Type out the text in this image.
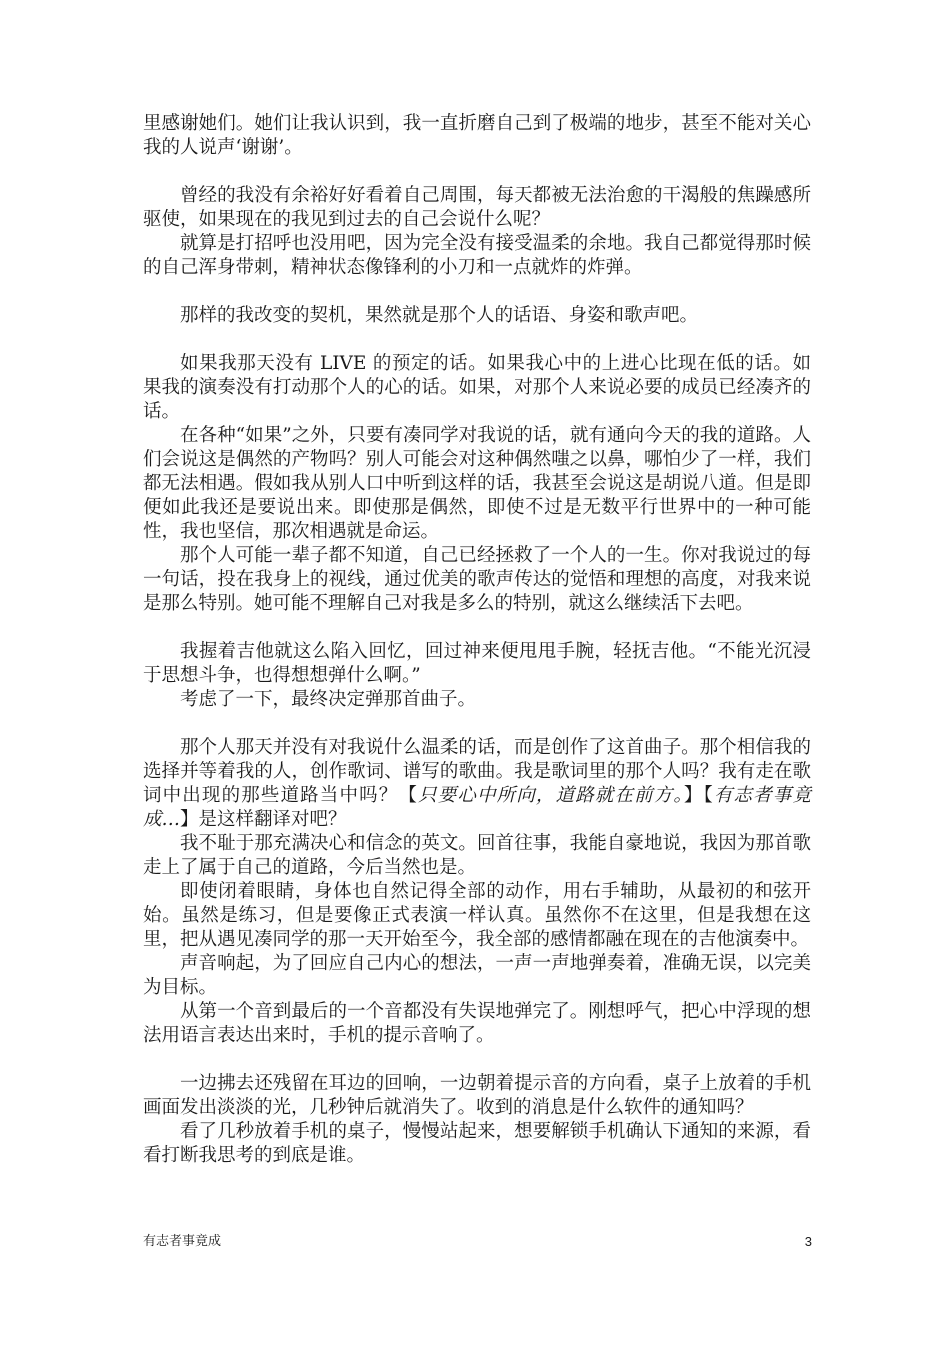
里感谢她们。她们让我认识到，我一直折磨自己到了极端的地步，甚至不能对关心我的人说声‘谢谢’。

曾经的我没有余裕好好看着自己周围，每天都被无法治愈的干渴般的焦躁感所驱使，如果现在的我见到过去的自己会说什么呢？

就算是打招呼也没用吧，因为完全没有接受温柔的余地。我自己都觉得那时候的自己浑身带刺，精神状态像锋利的小刀和一点就炸的炸弹。

那样的我改变的契机，果然就是那个人的话语、身姿和歌声吧。

如果我那天没有 LIVE 的预定的话。如果我心中的上进心比现在低的话。如果我的演奏没有打动那个人的心的话。如果，对那个人来说必要的成员已经凑齐的话。

在各种“如果”之外，只要有凑同学对我说的话，就有通向今天的我的道路。人们会说这是偶然的产物吗？别人可能会对这种偶然嗤之以鼻，哪怕少了一样，我们都无法相遇。假如我从别人口中听到这样的话，我甚至会说这是胡说八道。但是即便如此我还是要说出来。即使那是偶然，即使不过是无数平行世界中的一种可能性，我也坚信，那次相遇就是命运。

那个人可能一辈子都不知道，自己已经拯救了一个人的一生。你对我说过的每一句话，投在我身上的视线，通过优美的歌声传达的觉悟和理想的高度，对我来说是那么特别。她可能不理解自己对我是多么的特别，就这么继续活下去吧。

我握着吉他就这么陷入回忆，回过神来便甩甩手腕，轻抚吉他。“不能光沉浸于思想斗争，也得想想弹什么啊。”

考虑了一下，最终决定弹那首曲子。

那个人那天并没有对我说什么温柔的话，而是创作了这首曲子。那个相信我的选择并等着我的人，创作歌词、谱写的歌曲。我是歌词里的那个人吗？我有走在歌词中出现的那些道路当中吗？【只要心中所向，道路就在前方。】【有志者事竟成…】是这样翻译对吧？

我不耻于那充满决心和信念的英文。回首往事，我能自豪地说，我因为那首歌走上了属于自己的道路，今后当然也是。

即使闭着眼睛，身体也自然记得全部的动作，用右手辅助，从最初的和弦开始。虽然是练习，但是要像正式表演一样认真。虽然你不在这里，但是我想在这里，把从遇见凑同学的那一天开始至今，我全部的感情都融在现在的吉他演奏中。

声音响起，为了回应自己内心的想法，一声一声地弹奏着，准确无误，以完美为目标。

从第一个音到最后的一个音都没有失误地弹完了。刚想呼气，把心中浮现的想法用语言表达出来时，手机的提示音响了。

一边拂去还残留在耳边的回响，一边朝着提示音的方向看，桌子上放着的手机画面发出淡淡的光，几秒钟后就消失了。收到的消息是什么软件的通知吗？

看了几秒放着手机的桌子，慢慢站起来，想要解锁手机确认下通知的来源，看看打断我思考的到底是谁。

有志者事竟成	3
